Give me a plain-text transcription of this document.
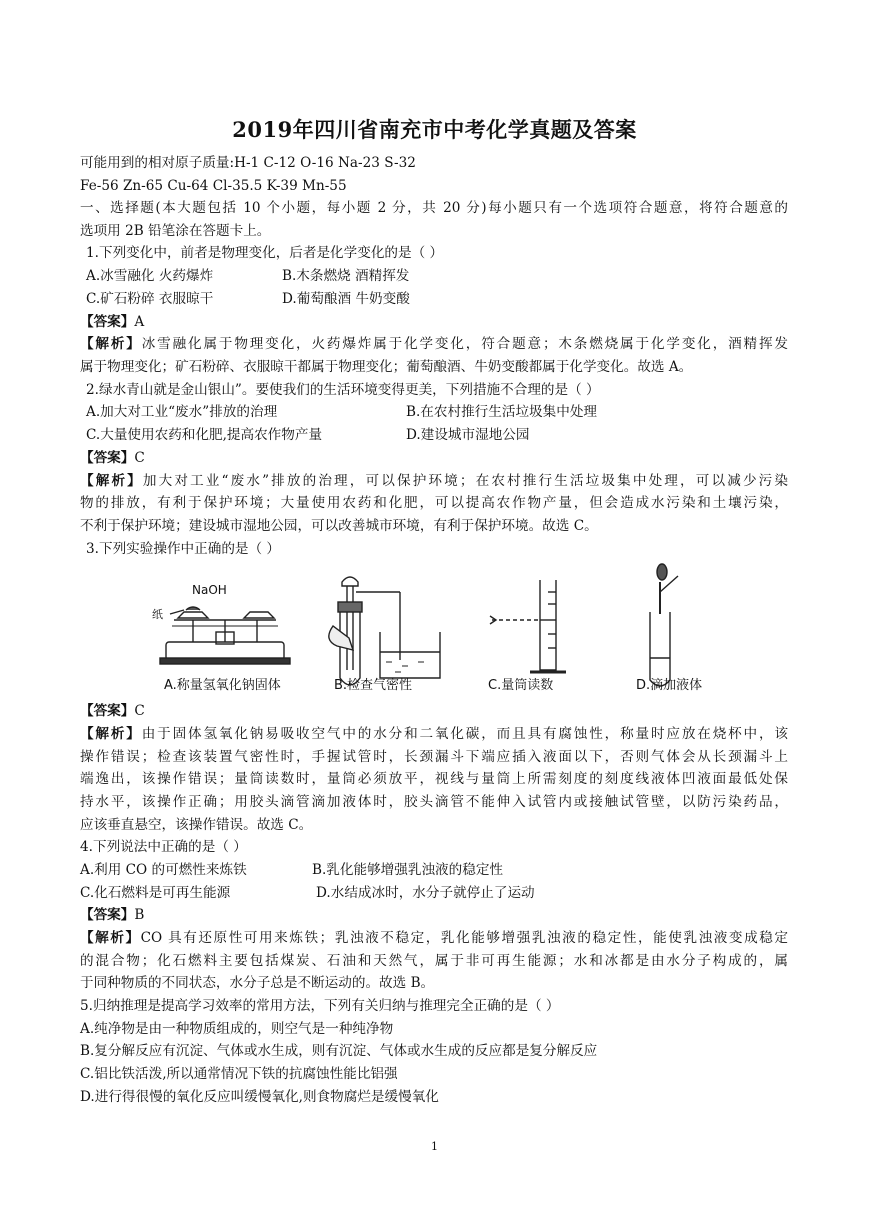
2019年四川省南充市中考化学真题及答案
可能用到的相对原子质量:H-1 C-12 O-16 Na-23 S-32
Fe-56 Zn-65 Cu-64 Cl-35.5 K-39 Mn-55
一、选择题(本大题包括 10 个小题，每小题 2 分，共 20 分)每小题只有一个选项符合题意，将符合题意的
选项用 2B 铅笔涂在答题卡上。
1.下列变化中，前者是物理变化，后者是化学变化的是（ ）
A.冰雪融化 火药爆炸	B.木条燃烧 酒精挥发
C.矿石粉碎 衣服晾干	D.葡萄酿酒 牛奶变酸
【答案】A
【解析】冰雪融化属于物理变化，火药爆炸属于化学变化，符合题意；木条燃烧属于化学变化，酒精挥发
属于物理变化；矿石粉碎、衣服晾干都属于物理变化；葡萄酿酒、牛奶变酸都属于化学变化。故选 A。
2.绿水青山就是金山银山”。要使我们的生活环境变得更美，下列措施不合理的是（ ）
A.加大对工业“废水”排放的治理	B.在农村推行生活垃圾集中处理
C.大量使用农药和化肥,提高农作物产量	D.建设城市湿地公园
【答案】C
【解析】加大对工业“废水”排放的治理，可以保护环境；在农村推行生活垃圾集中处理，可以减少污染
物的排放，有利于保护环境；大量使用农药和化肥，可以提高农作物产量，但会造成水污染和土壤污染，
不利于保护环境；建设城市湿地公园，可以改善城市环境，有利于保护环境。故选 C。
3.下列实验操作中正确的是（ ）
NaOH
纸
A.称量氢氧化钠固体	B.检查气密性	C.量筒读数	D.滴加液体
【答案】C
【解析】由于固体氢氧化钠易吸收空气中的水分和二氧化碳，而且具有腐蚀性，称量时应放在烧杯中，该
操作错误；检查该装置气密性时，手握试管时，长颈漏斗下端应插入液面以下，否则气体会从长颈漏斗上
端逸出，该操作错误；量筒读数时，量筒必须放平，视线与量筒上所需刻度的刻度线液体凹液面最低处保
持水平，该操作正确；用胶头滴管滴加液体时，胶头滴管不能伸入试管内或接触试管壁，以防污染药品，
应该垂直悬空，该操作错误。故选 C。
4.下列说法中正确的是（ ）
A.利用 CO 的可燃性来炼铁	B.乳化能够增强乳浊液的稳定性
C.化石燃料是可再生能源	D.水结成冰时，水分子就停止了运动
【答案】B
【解析】CO 具有还原性可用来炼铁；乳浊液不稳定，乳化能够增强乳浊液的稳定性，能使乳浊液变成稳定
的混合物；化石燃料主要包括煤炭、石油和天然气，属于非可再生能源；水和冰都是由水分子构成的，属
于同种物质的不同状态，水分子总是不断运动的。故选 B。
5.归纳推理是提高学习效率的常用方法，下列有关归纳与推理完全正确的是（ ）
A.纯净物是由一种物质组成的，则空气是一种纯净物
B.复分解反应有沉淀、气体或水生成，则有沉淀、气体或水生成的反应都是复分解反应
C.铝比铁活泼,所以通常情况下铁的抗腐蚀性能比铝强
D.进行得很慢的氧化反应叫缓慢氧化,则食物腐烂是缓慢氧化
1
